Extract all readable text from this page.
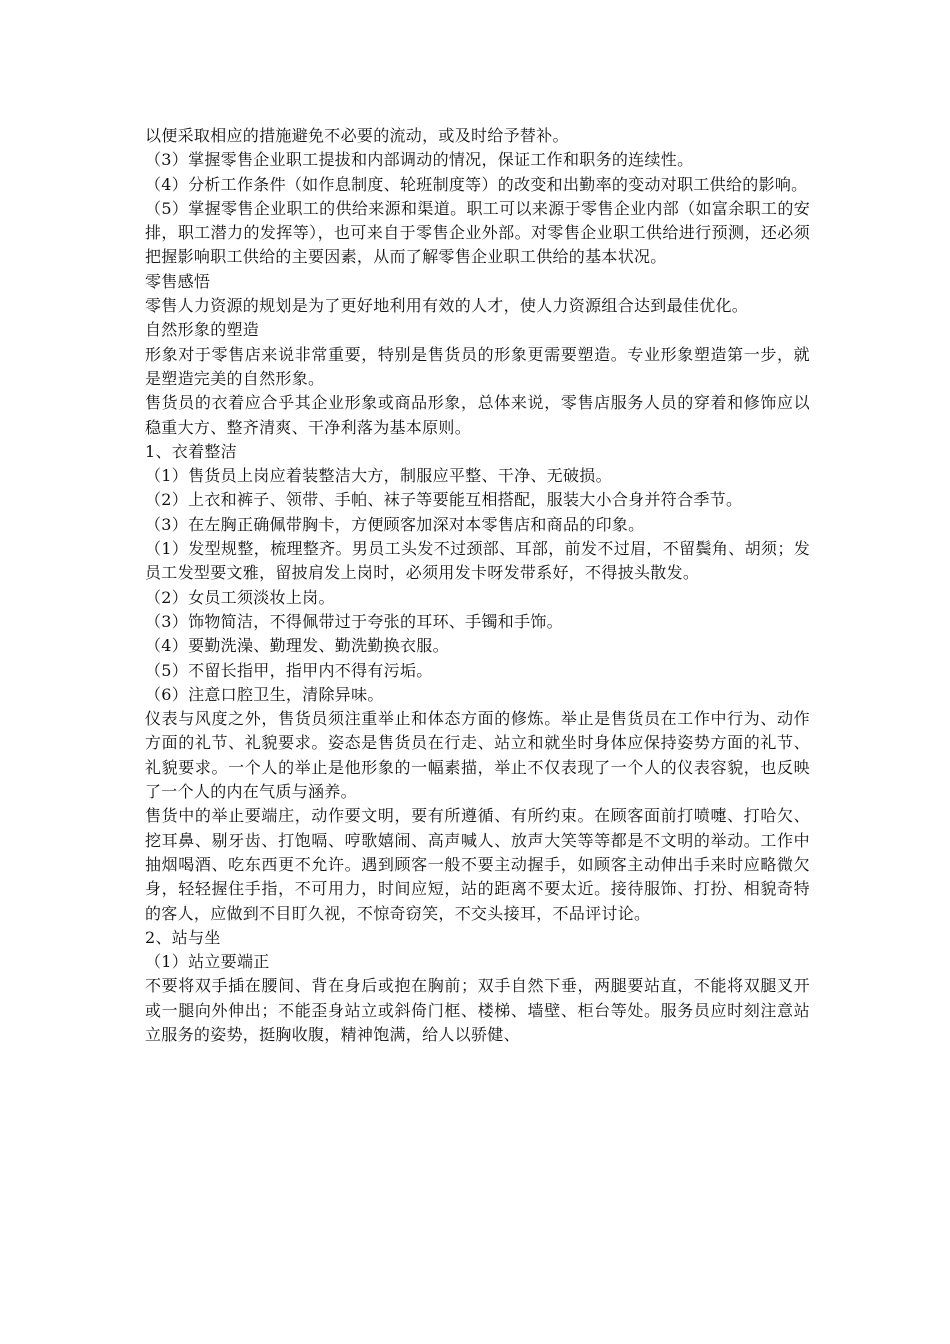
以便采取相应的措施避免不必要的流动，或及时给予替补。

（3）掌握零售企业职工提拔和内部调动的情况，保证工作和职务的连续性。

（4）分析工作条件（如作息制度、轮班制度等）的改变和出勤率的变动对职工供给的影响。

（5）掌握零售企业职工的供给来源和渠道。职工可以来源于零售企业内部（如富余职工的安排，职工潜力的发挥等），也可来自于零售企业外部。对零售企业职工供给进行预测，还必须把握影响职工供给的主要因素，从而了解零售企业职工供给的基本状况。

零售感悟

零售人力资源的规划是为了更好地利用有效的人才，使人力资源组合达到最佳优化。

自然形象的塑造

形象对于零售店来说非常重要，特别是售货员的形象更需要塑造。专业形象塑造第一步，就是塑造完美的自然形象。

售货员的衣着应合乎其企业形象或商品形象，总体来说，零售店服务人员的穿着和修饰应以稳重大方、整齐清爽、干净利落为基本原则。

1、衣着整洁

（1）售货员上岗应着装整洁大方，制服应平整、干净、无破损。

（2）上衣和裤子、领带、手帕、袜子等要能互相搭配，服装大小合身并符合季节。

（3）在左胸正确佩带胸卡，方便顾客加深对本零售店和商品的印象。

（1）发型规整，梳理整齐。男员工头发不过颈部、耳部，前发不过眉，不留鬓角、胡须；发员工发型要文雅，留披肩发上岗时，必须用发卡呀发带系好，不得披头散发。

（2）女员工须淡妆上岗。

（3）饰物简洁，不得佩带过于夸张的耳环、手镯和手饰。

（4）要勤洗澡、勤理发、勤洗勤换衣服。

（5）不留长指甲，指甲内不得有污垢。

（6）注意口腔卫生，清除异味。

仪表与风度之外，售货员须注重举止和体态方面的修炼。举止是售货员在工作中行为、动作方面的礼节、礼貌要求。姿态是售货员在行走、站立和就坐时身体应保持姿势方面的礼节、礼貌要求。一个人的举止是他形象的一幅素描，举止不仅表现了一个人的仪表容貌，也反映了一个人的内在气质与涵养。

售货中的举止要端庄，动作要文明，要有所遵循、有所约束。在顾客面前打喷嚏、打哈欠、挖耳鼻、剔牙齿、打饱嗝、哼歌嬉闹、高声喊人、放声大笑等等都是不文明的举动。工作中抽烟喝酒、吃东西更不允许。遇到顾客一般不要主动握手，如顾客主动伸出手来时应略微欠身，轻轻握住手指，不可用力，时间应短，站的距离不要太近。接待服饰、打扮、相貌奇特的客人，应做到不目盯久视，不惊奇窃笑，不交头接耳，不品评讨论。

2、站与坐

（1）站立要端正

不要将双手插在腰间、背在身后或抱在胸前；双手自然下垂，两腿要站直，不能将双腿叉开或一腿向外伸出；不能歪身站立或斜倚门框、楼梯、墙壁、柜台等处。服务员应时刻注意站立服务的姿势，挺胸收腹，精神饱满，给人以骄健、
